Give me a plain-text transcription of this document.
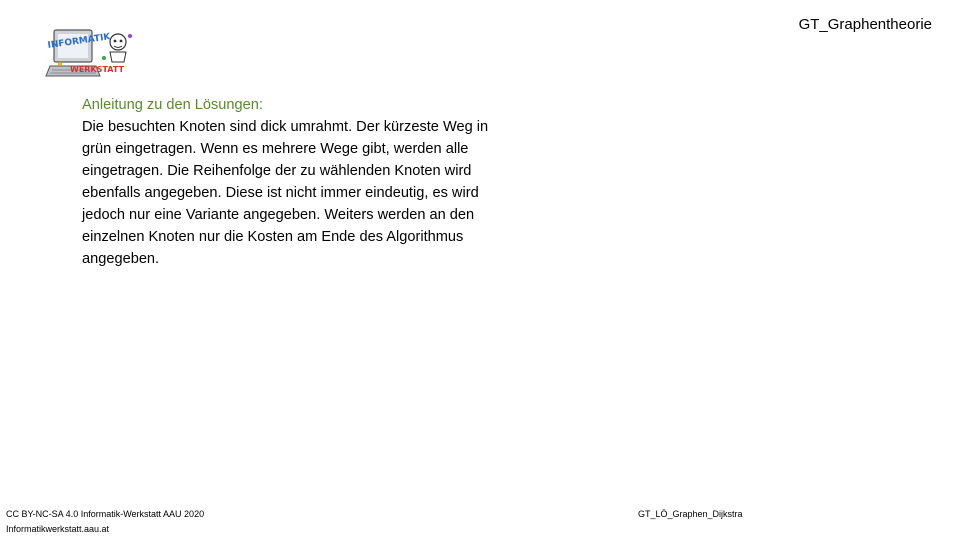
INFORMATIK
WERKSTATT
GT_Graphentheorie
Anleitung zu den Lösungen:
Die besuchten Knoten sind dick umrahmt. Der kürzeste Weg in
grün eingetragen. Wenn es mehrere Wege gibt, werden alle
eingetragen. Die Reihenfolge der zu wählenden Knoten wird
ebenfalls angegeben. Diese ist nicht immer eindeutig, es wird
jedoch nur eine Variante angegeben. Weiters werden an den
einzelnen Knoten nur die Kosten am Ende des Algorithmus
angegeben.
CC BY-NC-SA 4.0 Informatik-Werkstatt AAU 2020
Informatikwerkstatt.aau.at
GT_LÖ_Graphen_Dijkstra
